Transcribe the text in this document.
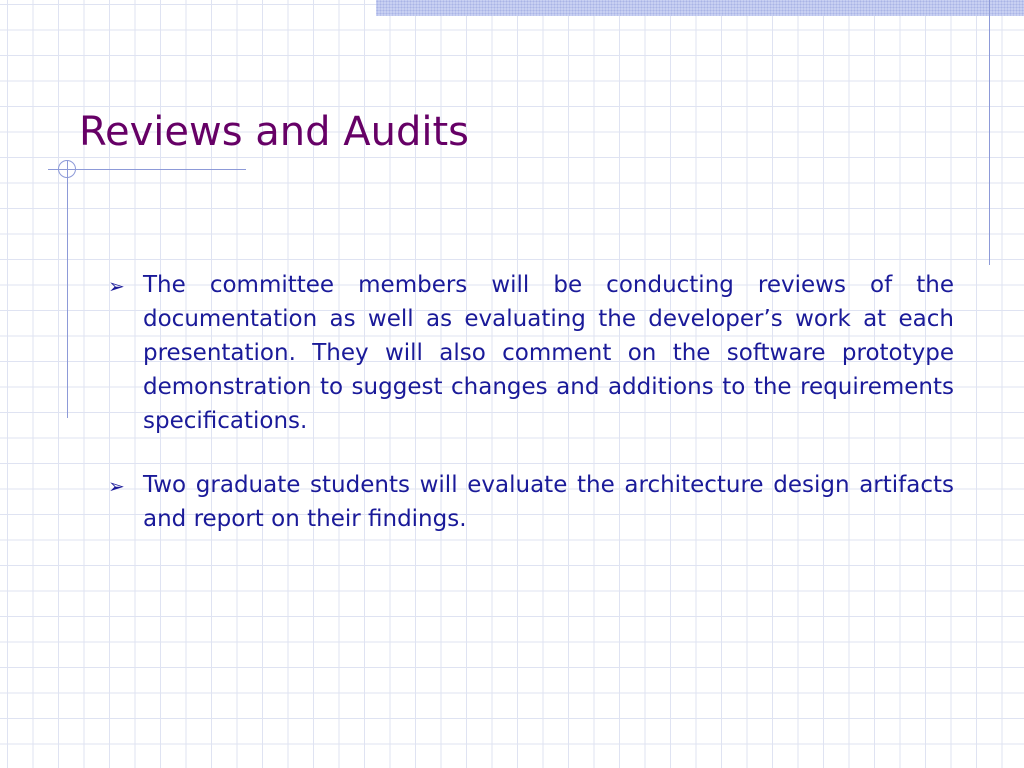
Reviews and Audits
➢ The committee members will be conducting reviews of the documentation as well as evaluating the developer’s work at each presentation. They will also comment on the software prototype demonstration to suggest changes and additions to the requirements specifications.
➢ Two graduate students will evaluate the architecture design artifacts and report on their findings.
